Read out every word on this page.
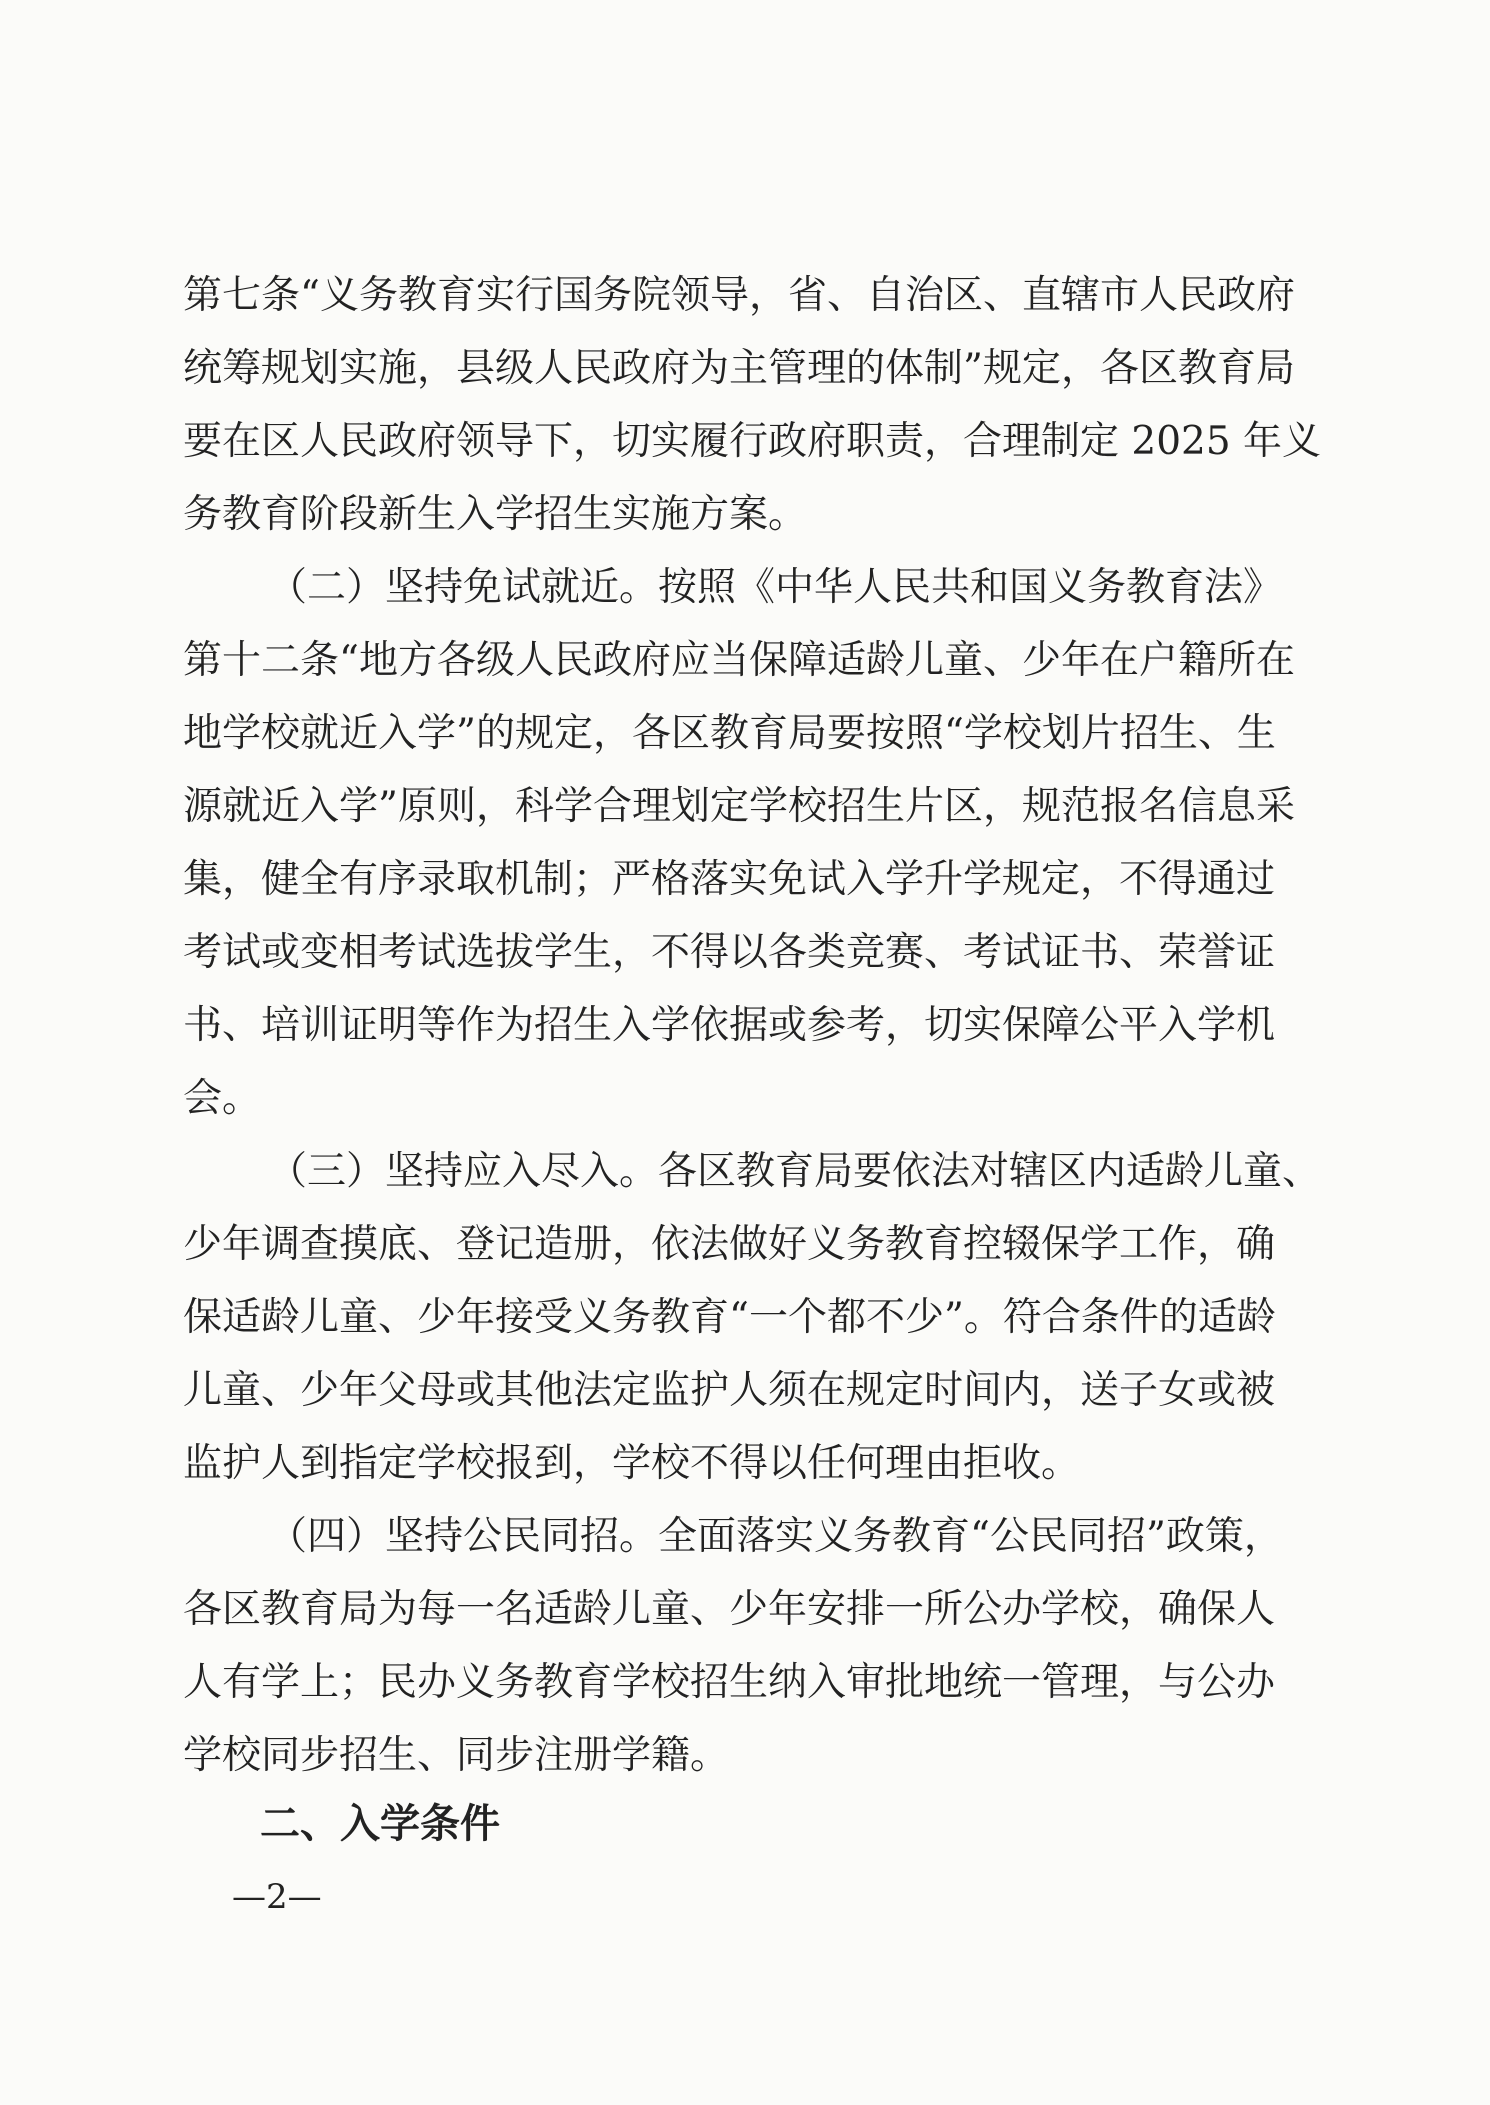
第七条“义务教育实行国务院领导，省、自治区、直辖市人民政府
统筹规划实施，县级人民政府为主管理的体制”规定，各区教育局
要在区人民政府领导下，切实履行政府职责，合理制定 2025 年义
务教育阶段新生入学招生实施方案。
（二）坚持免试就近。按照《中华人民共和国义务教育法》
第十二条“地方各级人民政府应当保障适龄儿童、少年在户籍所在
地学校就近入学”的规定，各区教育局要按照“学校划片招生、生
源就近入学”原则，科学合理划定学校招生片区，规范报名信息采
集，健全有序录取机制；严格落实免试入学升学规定，不得通过
考试或变相考试选拔学生，不得以各类竞赛、考试证书、荣誉证
书、培训证明等作为招生入学依据或参考，切实保障公平入学机
会。
（三）坚持应入尽入。各区教育局要依法对辖区内适龄儿童、
少年调查摸底、登记造册，依法做好义务教育控辍保学工作，确
保适龄儿童、少年接受义务教育“一个都不少”。符合条件的适龄
儿童、少年父母或其他法定监护人须在规定时间内，送子女或被
监护人到指定学校报到，学校不得以任何理由拒收。
（四）坚持公民同招。全面落实义务教育“公民同招”政策，
各区教育局为每一名适龄儿童、少年安排一所公办学校，确保人
人有学上；民办义务教育学校招生纳入审批地统一管理，与公办
学校同步招生、同步注册学籍。
二、入学条件
—2—
